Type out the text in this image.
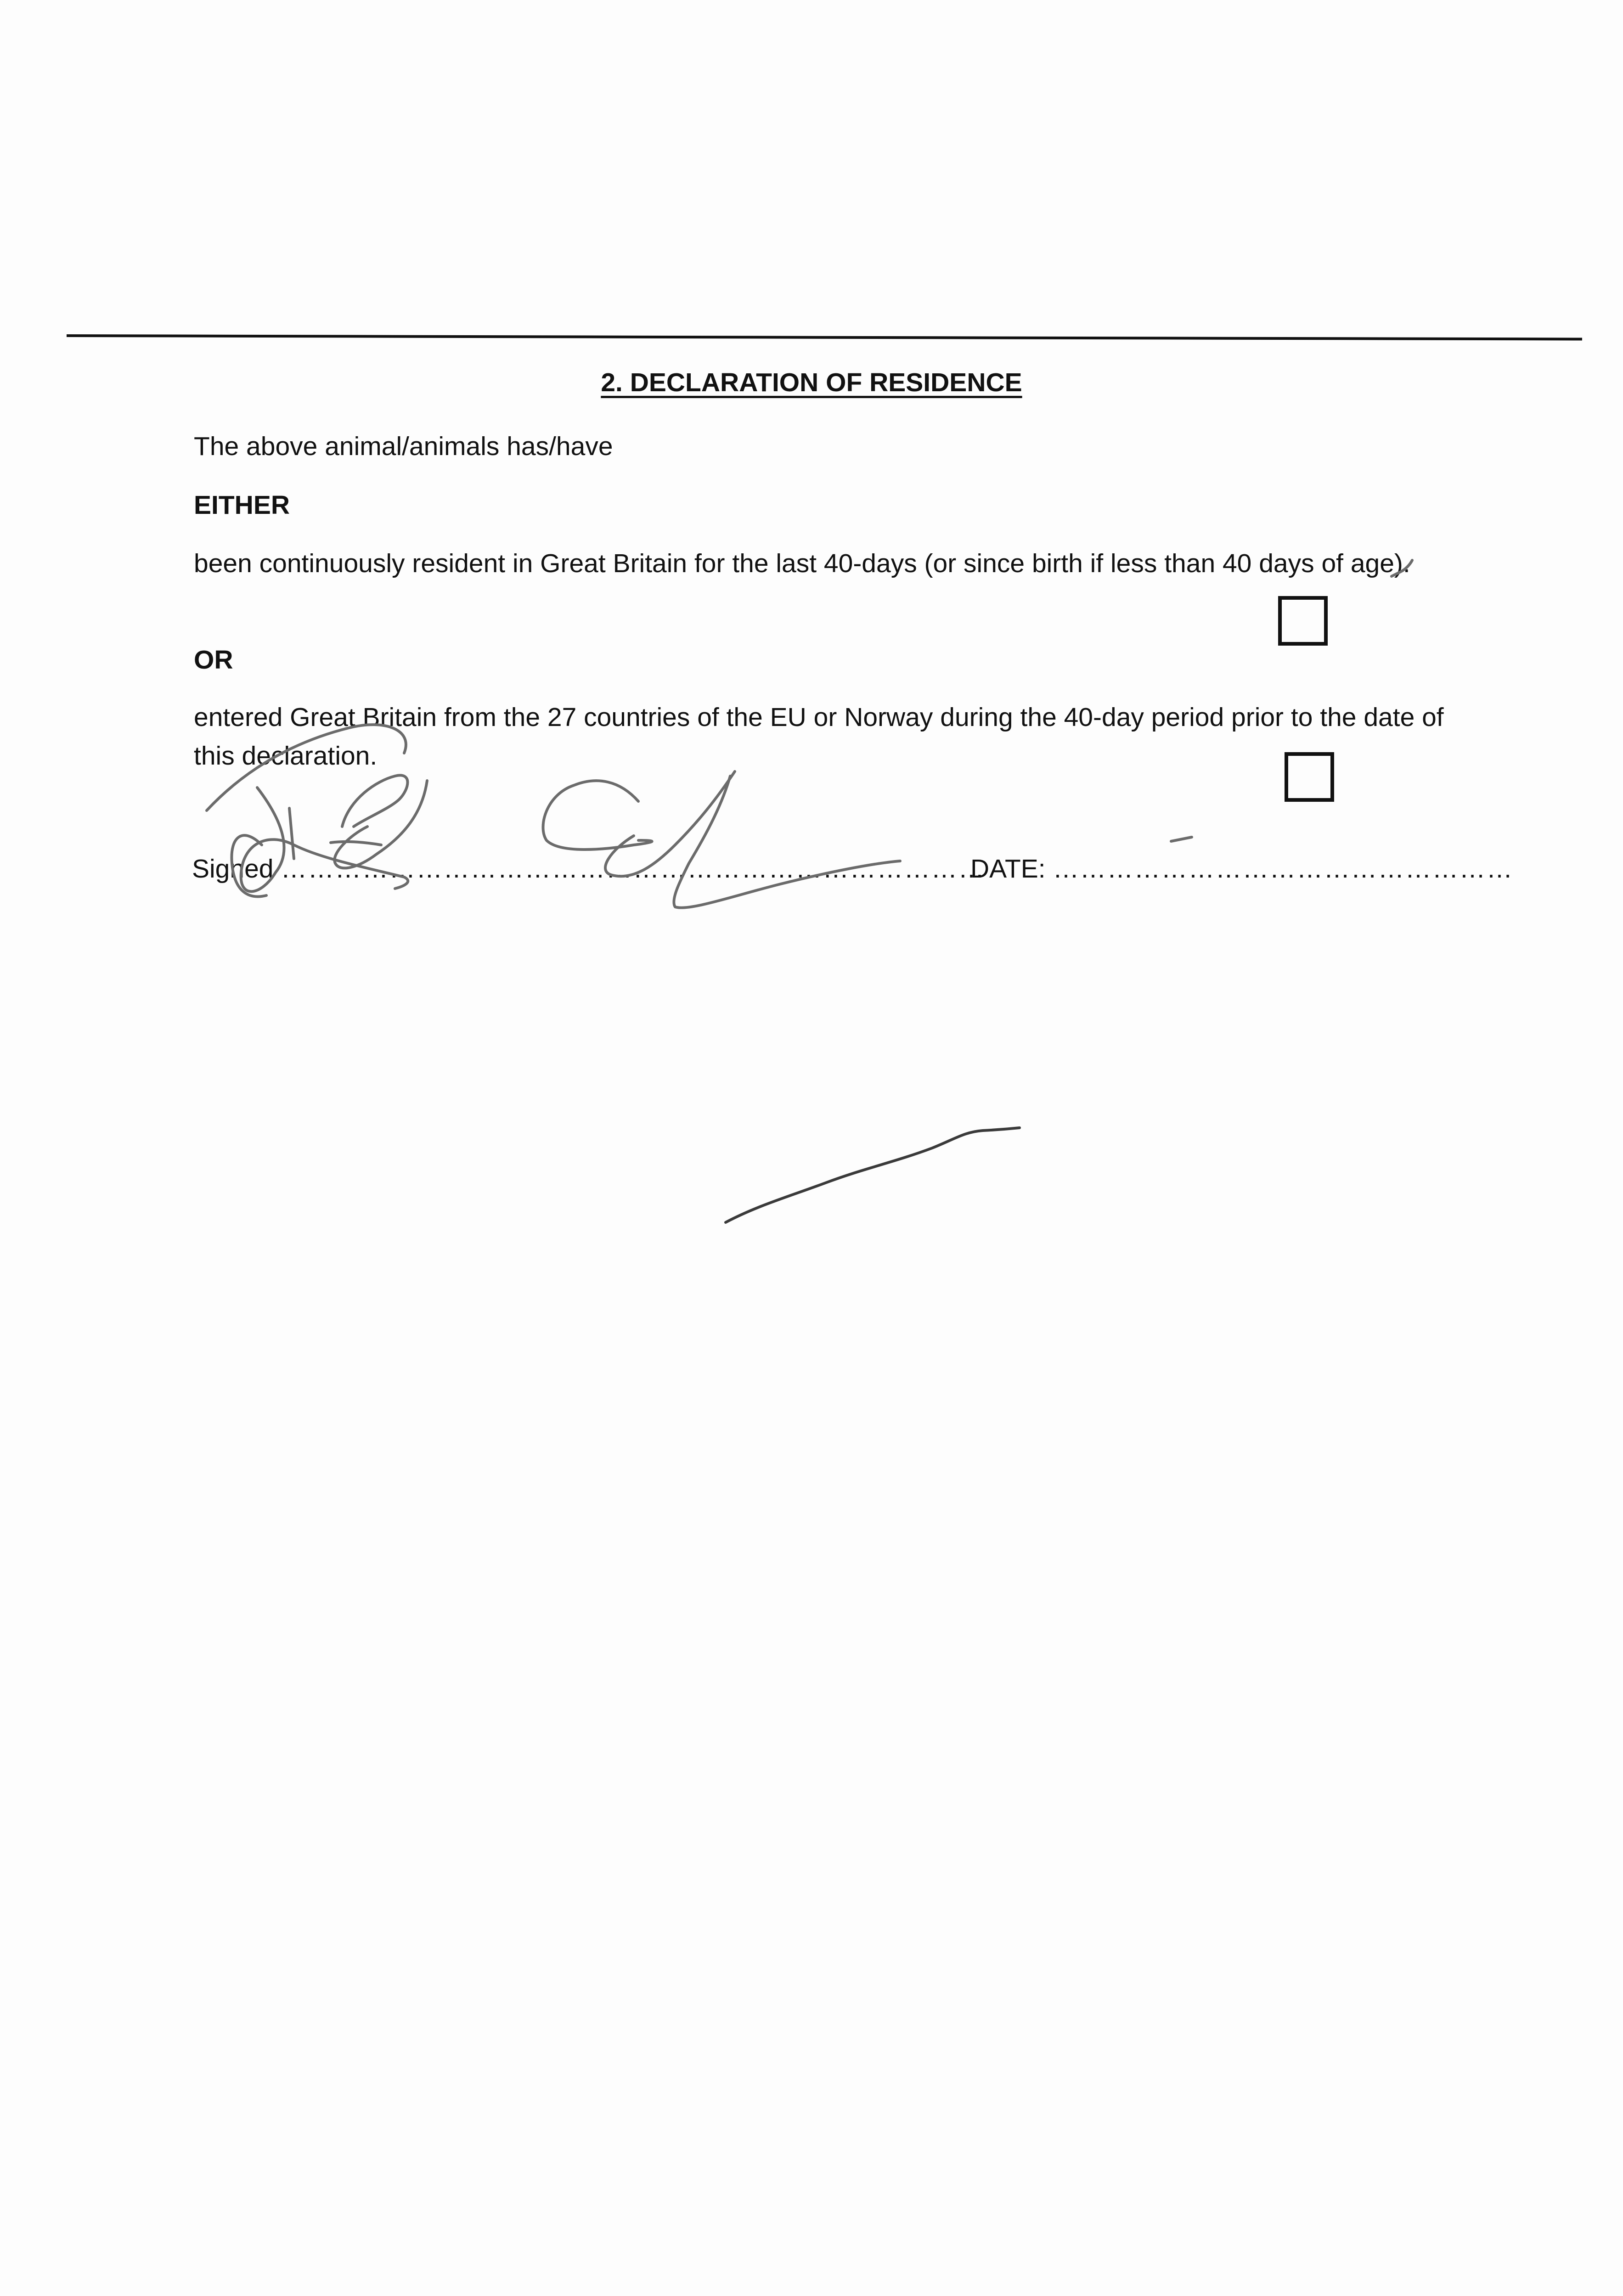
2. DECLARATION OF RESIDENCE

The above animal/animals has/have

EITHER

been continuously resident in Great Britain for the last 40-days (or since birth if less than 40 days of age).

OR

entered Great Britain from the 27 countries of the EU or Norway during the 40-day period prior to the date of this declaration.

Signed ……………………………………………………………………
DATE: ……………………………………………
